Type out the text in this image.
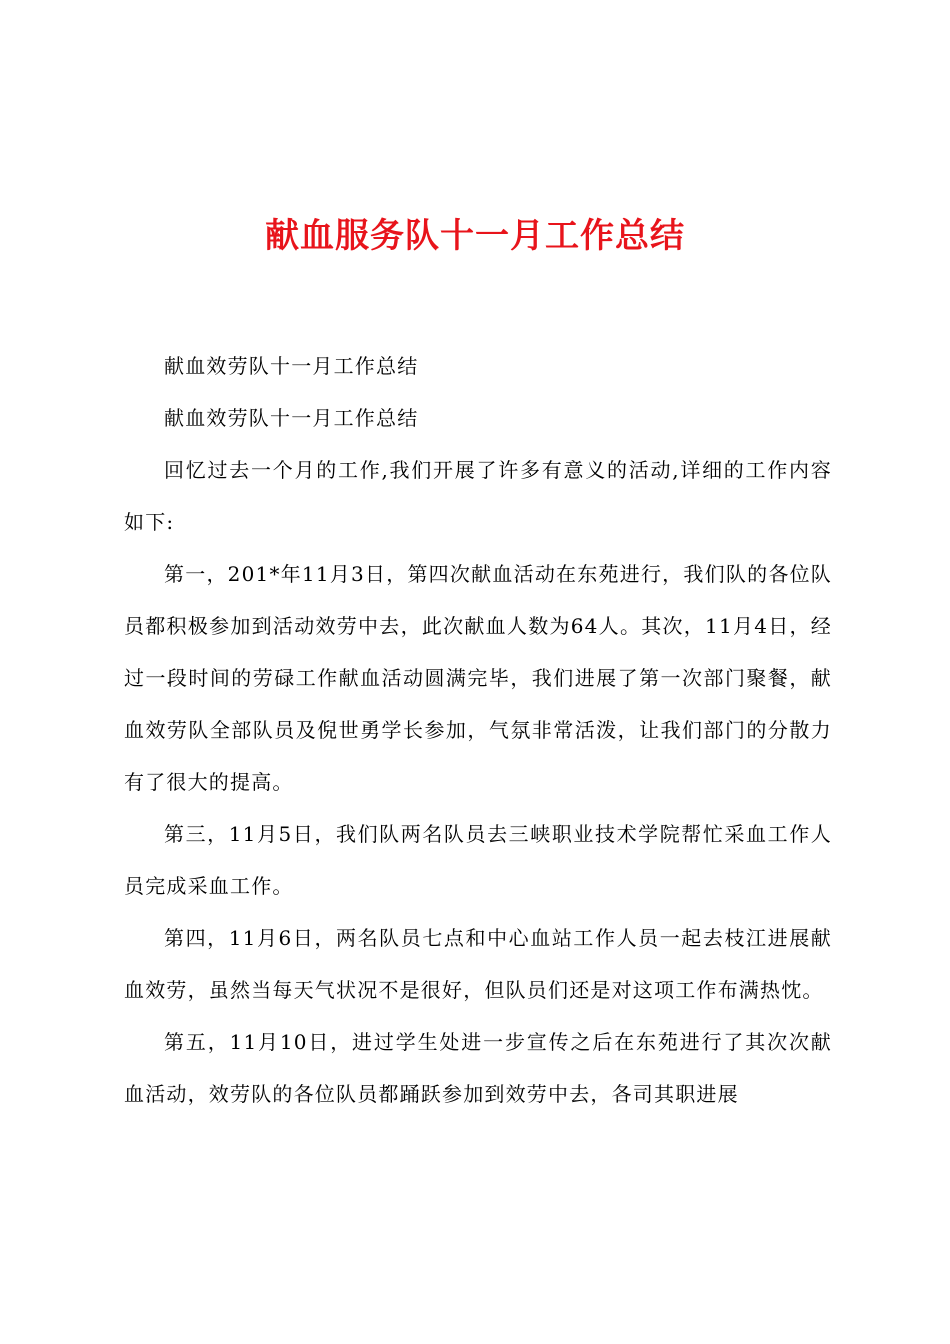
献血服务队十一月工作总结

献血效劳队十一月工作总结

献血效劳队十一月工作总结

回忆过去一个月的工作,我们开展了许多有意义的活动,详细的工作内容如下:

第一，201*年11月3日，第四次献血活动在东苑进行，我们队的各位队员都积极参加到活动效劳中去，此次献血人数为64人。其次，11月4日，经过一段时间的劳碌工作献血活动圆满完毕，我们进展了第一次部门聚餐，献血效劳队全部队员及倪世勇学长参加，气氛非常活泼，让我们部门的分散力有了很大的提高。

第三，11月5日，我们队两名队员去三峡职业技术学院帮忙采血工作人员完成采血工作。

第四，11月6日，两名队员七点和中心血站工作人员一起去枝江进展献血效劳，虽然当每天气状况不是很好，但队员们还是对这项工作布满热忱。

第五，11月10日，进过学生处进一步宣传之后在东苑进行了其次次献血活动，效劳队的各位队员都踊跃参加到效劳中去，各司其职进展
